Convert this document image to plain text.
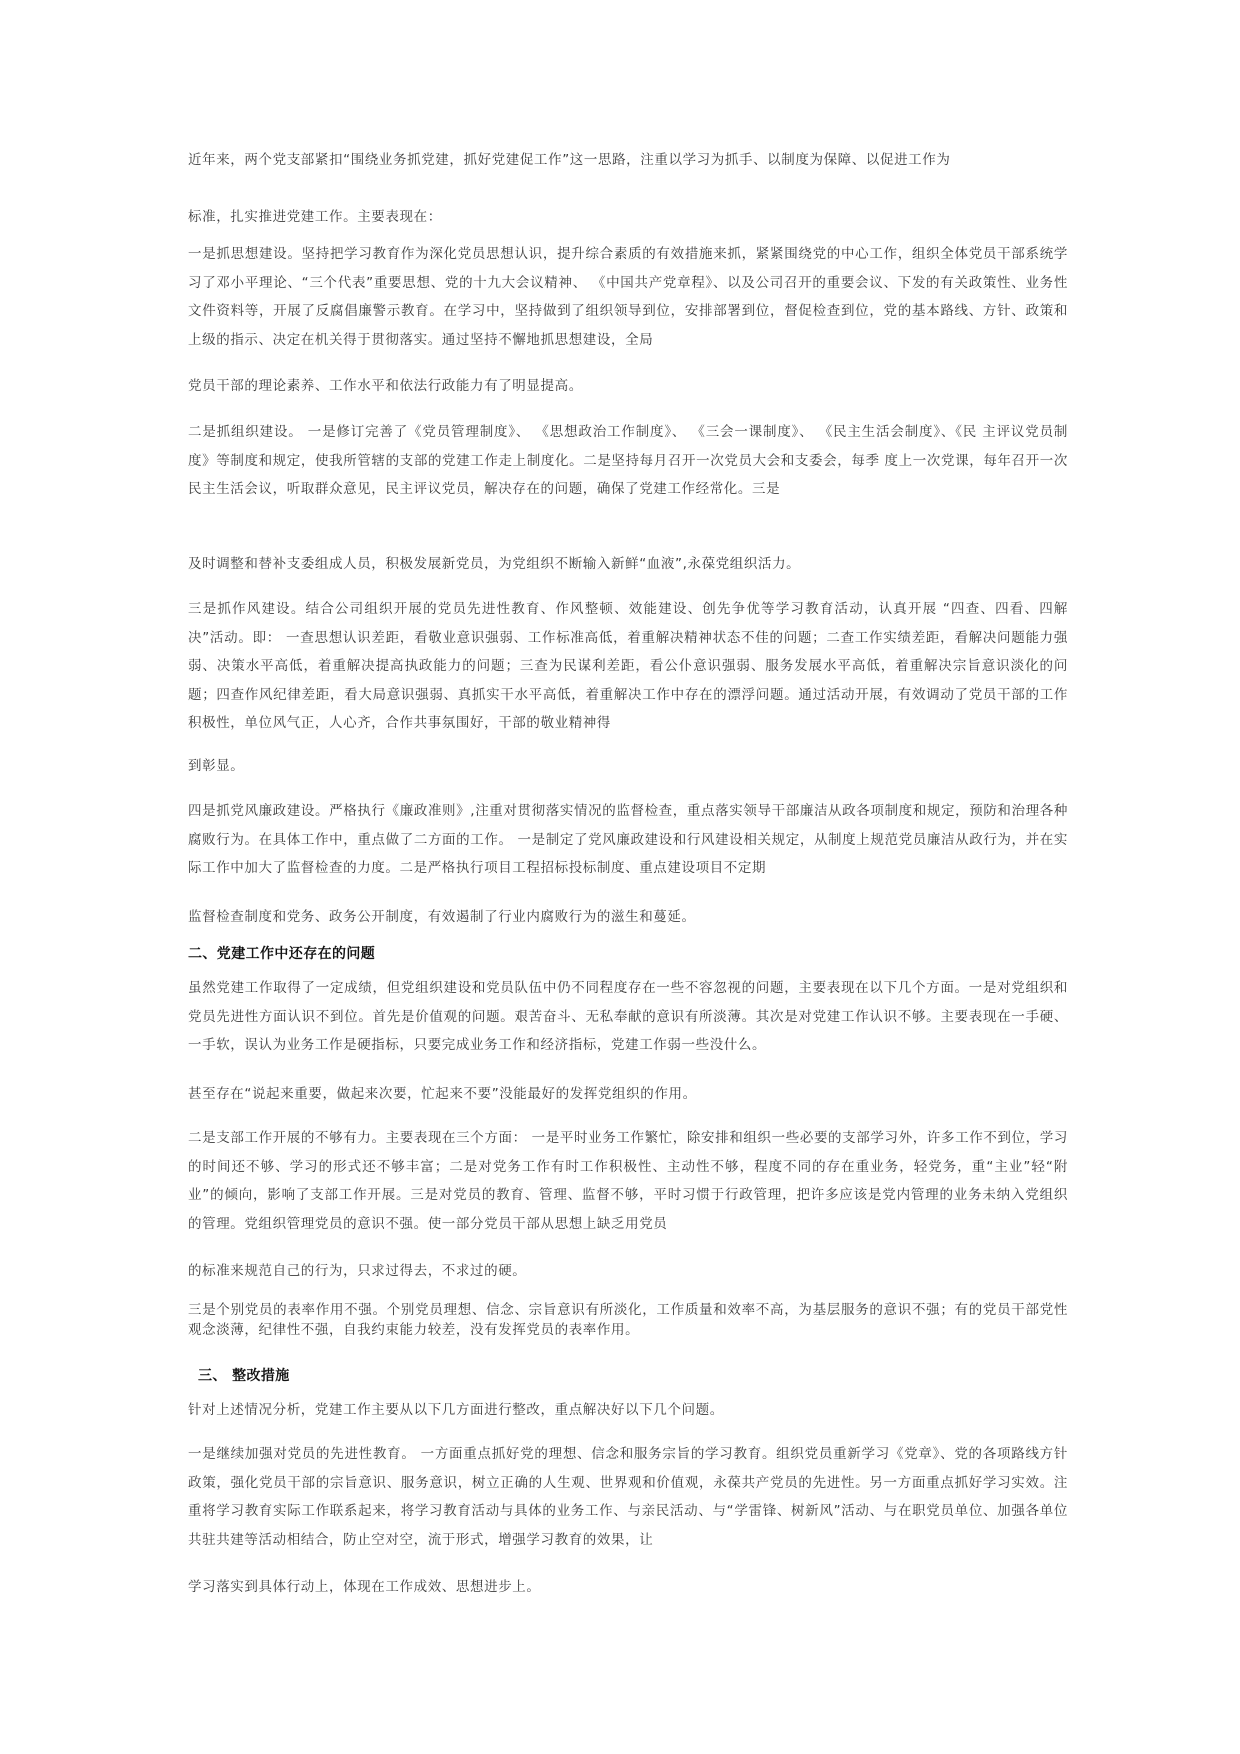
近年来，两个党支部紧扣“围绕业务抓党建，抓好党建促工作”这一思路，注重以学习为抓手、以制度为保障、以促进工作为

标准，扎实推进党建工作。主要表现在：

一是抓思想建设。坚持把学习教育作为深化党员思想认识，提升综合素质的有效措施来抓，紧紧围绕党的中心工作，组织全体党员干部系统学习了邓小平理论、“三个代表”重要思想、党的十九大会议精神、 《中国共产党章程》、以及公司召开的重要会议、下发的有关政策性、业务性文件资料等，开展了反腐倡廉警示教育。在学习中，坚持做到了组织领导到位，安排部署到位，督促检查到位，党的基本路线、方针、政策和上级的指示、决定在机关得于贯彻落实。通过坚持不懈地抓思想建设，全局

党员干部的理论素养、工作水平和依法行政能力有了明显提高。

二是抓组织建设。 一是修订完善了《党员管理制度》、 《思想政治工作制度》、 《三会一课制度》、 《民主生活会制度》、《民 主评议党员制度》等制度和规定，使我所管辖的支部的党建工作走上制度化。二是坚持每月召开一次党员大会和支委会，每季 度上一次党课，每年召开一次民主生活会议，听取群众意见，民主评议党员，解决存在的问题，确保了党建工作经常化。三是

及时调整和替补支委组成人员，积极发展新党员，为党组织不断输入新鲜“血液”,永葆党组织活力。

三是抓作风建设。结合公司组织开展的党员先进性教育、作风整顿、效能建设、创先争优等学习教育活动，认真开展 “四查、四看、四解决”活动。即： 一查思想认识差距，看敬业意识强弱、工作标准高低，着重解决精神状态不佳的问题；二查工作实绩差距，看解决问题能力强弱、决策水平高低，着重解决提高执政能力的问题；三查为民谋利差距，看公仆意识强弱、服务发展水平高低，着重解决宗旨意识淡化的问题；四查作风纪律差距，看大局意识强弱、真抓实干水平高低，着重解决工作中存在的漂浮问题。通过活动开展，有效调动了党员干部的工作积极性，单位风气正，人心齐，合作共事氛围好，干部的敬业精神得

到彰显。

四是抓党风廉政建设。严格执行《廉政准则》,注重对贯彻落实情况的监督检查，重点落实领导干部廉洁从政各项制度和规定，预防和治理各种腐败行为。在具体工作中，重点做了二方面的工作。 一是制定了党风廉政建设和行风建设相关规定，从制度上规范党员廉洁从政行为，并在实际工作中加大了监督检查的力度。二是严格执行项目工程招标投标制度、重点建设项目不定期

监督检查制度和党务、政务公开制度，有效遏制了行业内腐败行为的滋生和蔓延。

二、党建工作中还存在的问题

虽然党建工作取得了一定成绩，但党组织建设和党员队伍中仍不同程度存在一些不容忽视的问题，主要表现在以下几个方面。一是对党组织和党员先进性方面认识不到位。首先是价值观的问题。艰苦奋斗、无私奉献的意识有所淡薄。其次是对党建工作认识不够。主要表现在一手硬、 一手软，误认为业务工作是硬指标，只要完成业务工作和经济指标，党建工作弱一些没什么。

甚至存在“说起来重要，做起来次要，忙起来不要”没能最好的发挥党组织的作用。

二是支部工作开展的不够有力。主要表现在三个方面： 一是平时业务工作繁忙，除安排和组织一些必要的支部学习外，许多工作不到位，学习的时间还不够、学习的形式还不够丰富；二是对党务工作有时工作积极性、主动性不够，程度不同的存在重业务，轻党务，重“主业”轻“附业”的倾向，影响了支部工作开展。三是对党员的教育、管理、监督不够，平时习惯于行政管理，把许多应该是党内管理的业务未纳入党组织的管理。党组织管理党员的意识不强。使一部分党员干部从思想上缺乏用党员

的标准来规范自己的行为，只求过得去，不求过的硬。

三是个别党员的表率作用不强。个别党员理想、信念、宗旨意识有所淡化，工作质量和效率不高，为基层服务的意识不强；有的党员干部党性观念淡薄，纪律性不强，自我约束能力较差，没有发挥党员的表率作用。

三、 整改措施

针对上述情况分析，党建工作主要从以下几方面进行整改，重点解决好以下几个问题。

一是继续加强对党员的先进性教育。 一方面重点抓好党的理想、信念和服务宗旨的学习教育。组织党员重新学习《党章》、党的各项路线方针政策，强化党员干部的宗旨意识、服务意识，树立正确的人生观、世界观和价值观，永葆共产党员的先进性。另一方面重点抓好学习实效。注重将学习教育实际工作联系起来，将学习教育活动与具体的业务工作、与亲民活动、与“学雷锋、树新风”活动、与在职党员单位、加强各单位共驻共建等活动相结合，防止空对空，流于形式，增强学习教育的效果，让

学习落实到具体行动上，体现在工作成效、思想进步上。
